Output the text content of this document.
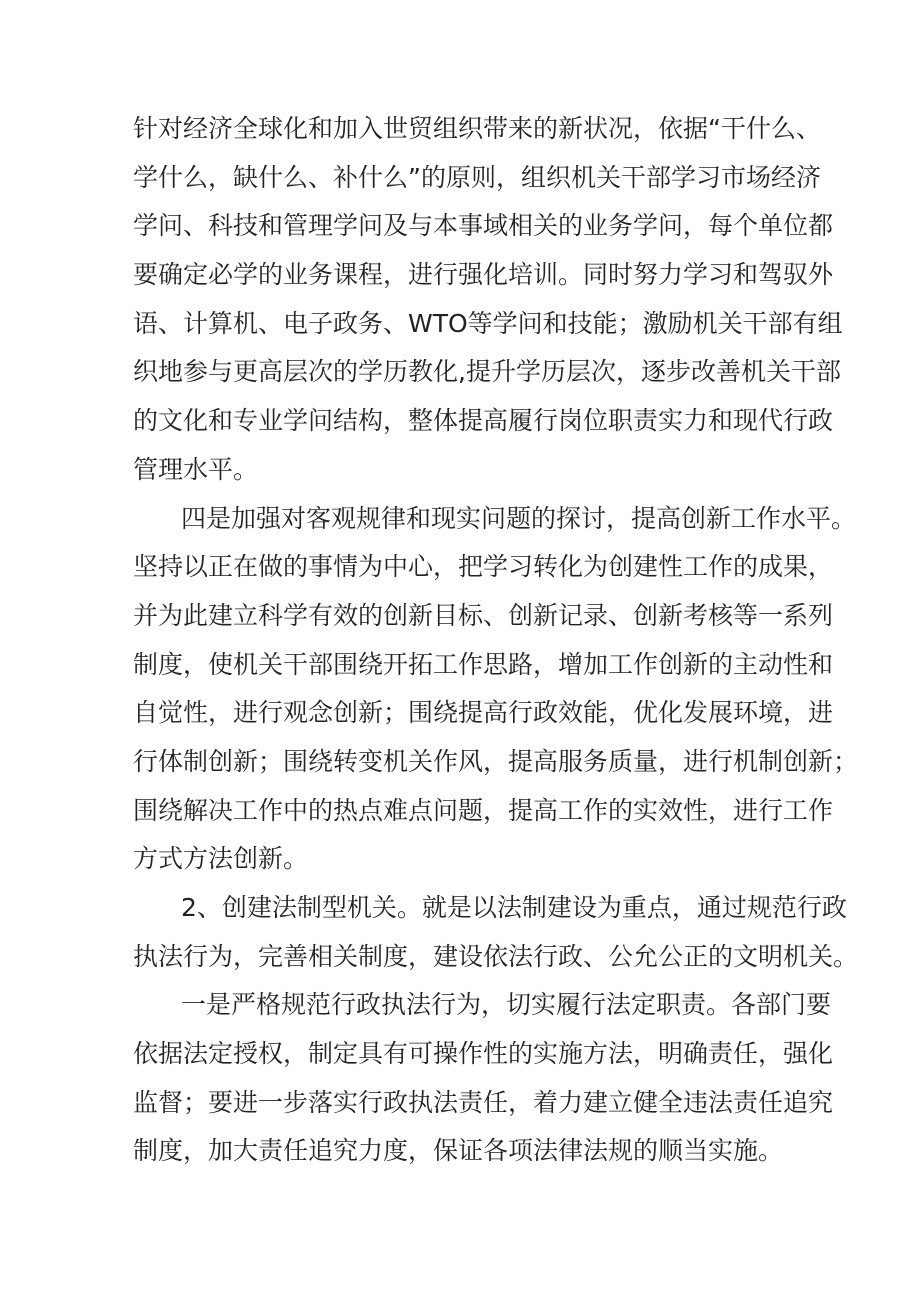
针对经济全球化和加入世贸组织带来的新状况，依据“干什么、
学什么，缺什么、补什么”的原则，组织机关干部学习市场经济
学问、科技和管理学问及与本事域相关的业务学问，每个单位都
要确定必学的业务课程，进行强化培训。同时努力学习和驾驭外
语、计算机、电子政务、WTO等学问和技能；激励机关干部有组
织地参与更高层次的学历教化,提升学历层次，逐步改善机关干部
的文化和专业学问结构，整体提高履行岗位职责实力和现代行政
管理水平。
四是加强对客观规律和现实问题的探讨，提高创新工作水平。
坚持以正在做的事情为中心，把学习转化为创建性工作的成果，
并为此建立科学有效的创新目标、创新记录、创新考核等一系列
制度，使机关干部围绕开拓工作思路，增加工作创新的主动性和
自觉性，进行观念创新；围绕提高行政效能，优化发展环境，进
行体制创新；围绕转变机关作风，提高服务质量，进行机制创新；
围绕解决工作中的热点难点问题，提高工作的实效性，进行工作
方式方法创新。
2、创建法制型机关。就是以法制建设为重点，通过规范行政
执法行为，完善相关制度，建设依法行政、公允公正的文明机关。
一是严格规范行政执法行为，切实履行法定职责。各部门要
依据法定授权，制定具有可操作性的实施方法，明确责任，强化
监督；要进一步落实行政执法责任，着力建立健全违法责任追究
制度，加大责任追究力度，保证各项法律法规的顺当实施。
